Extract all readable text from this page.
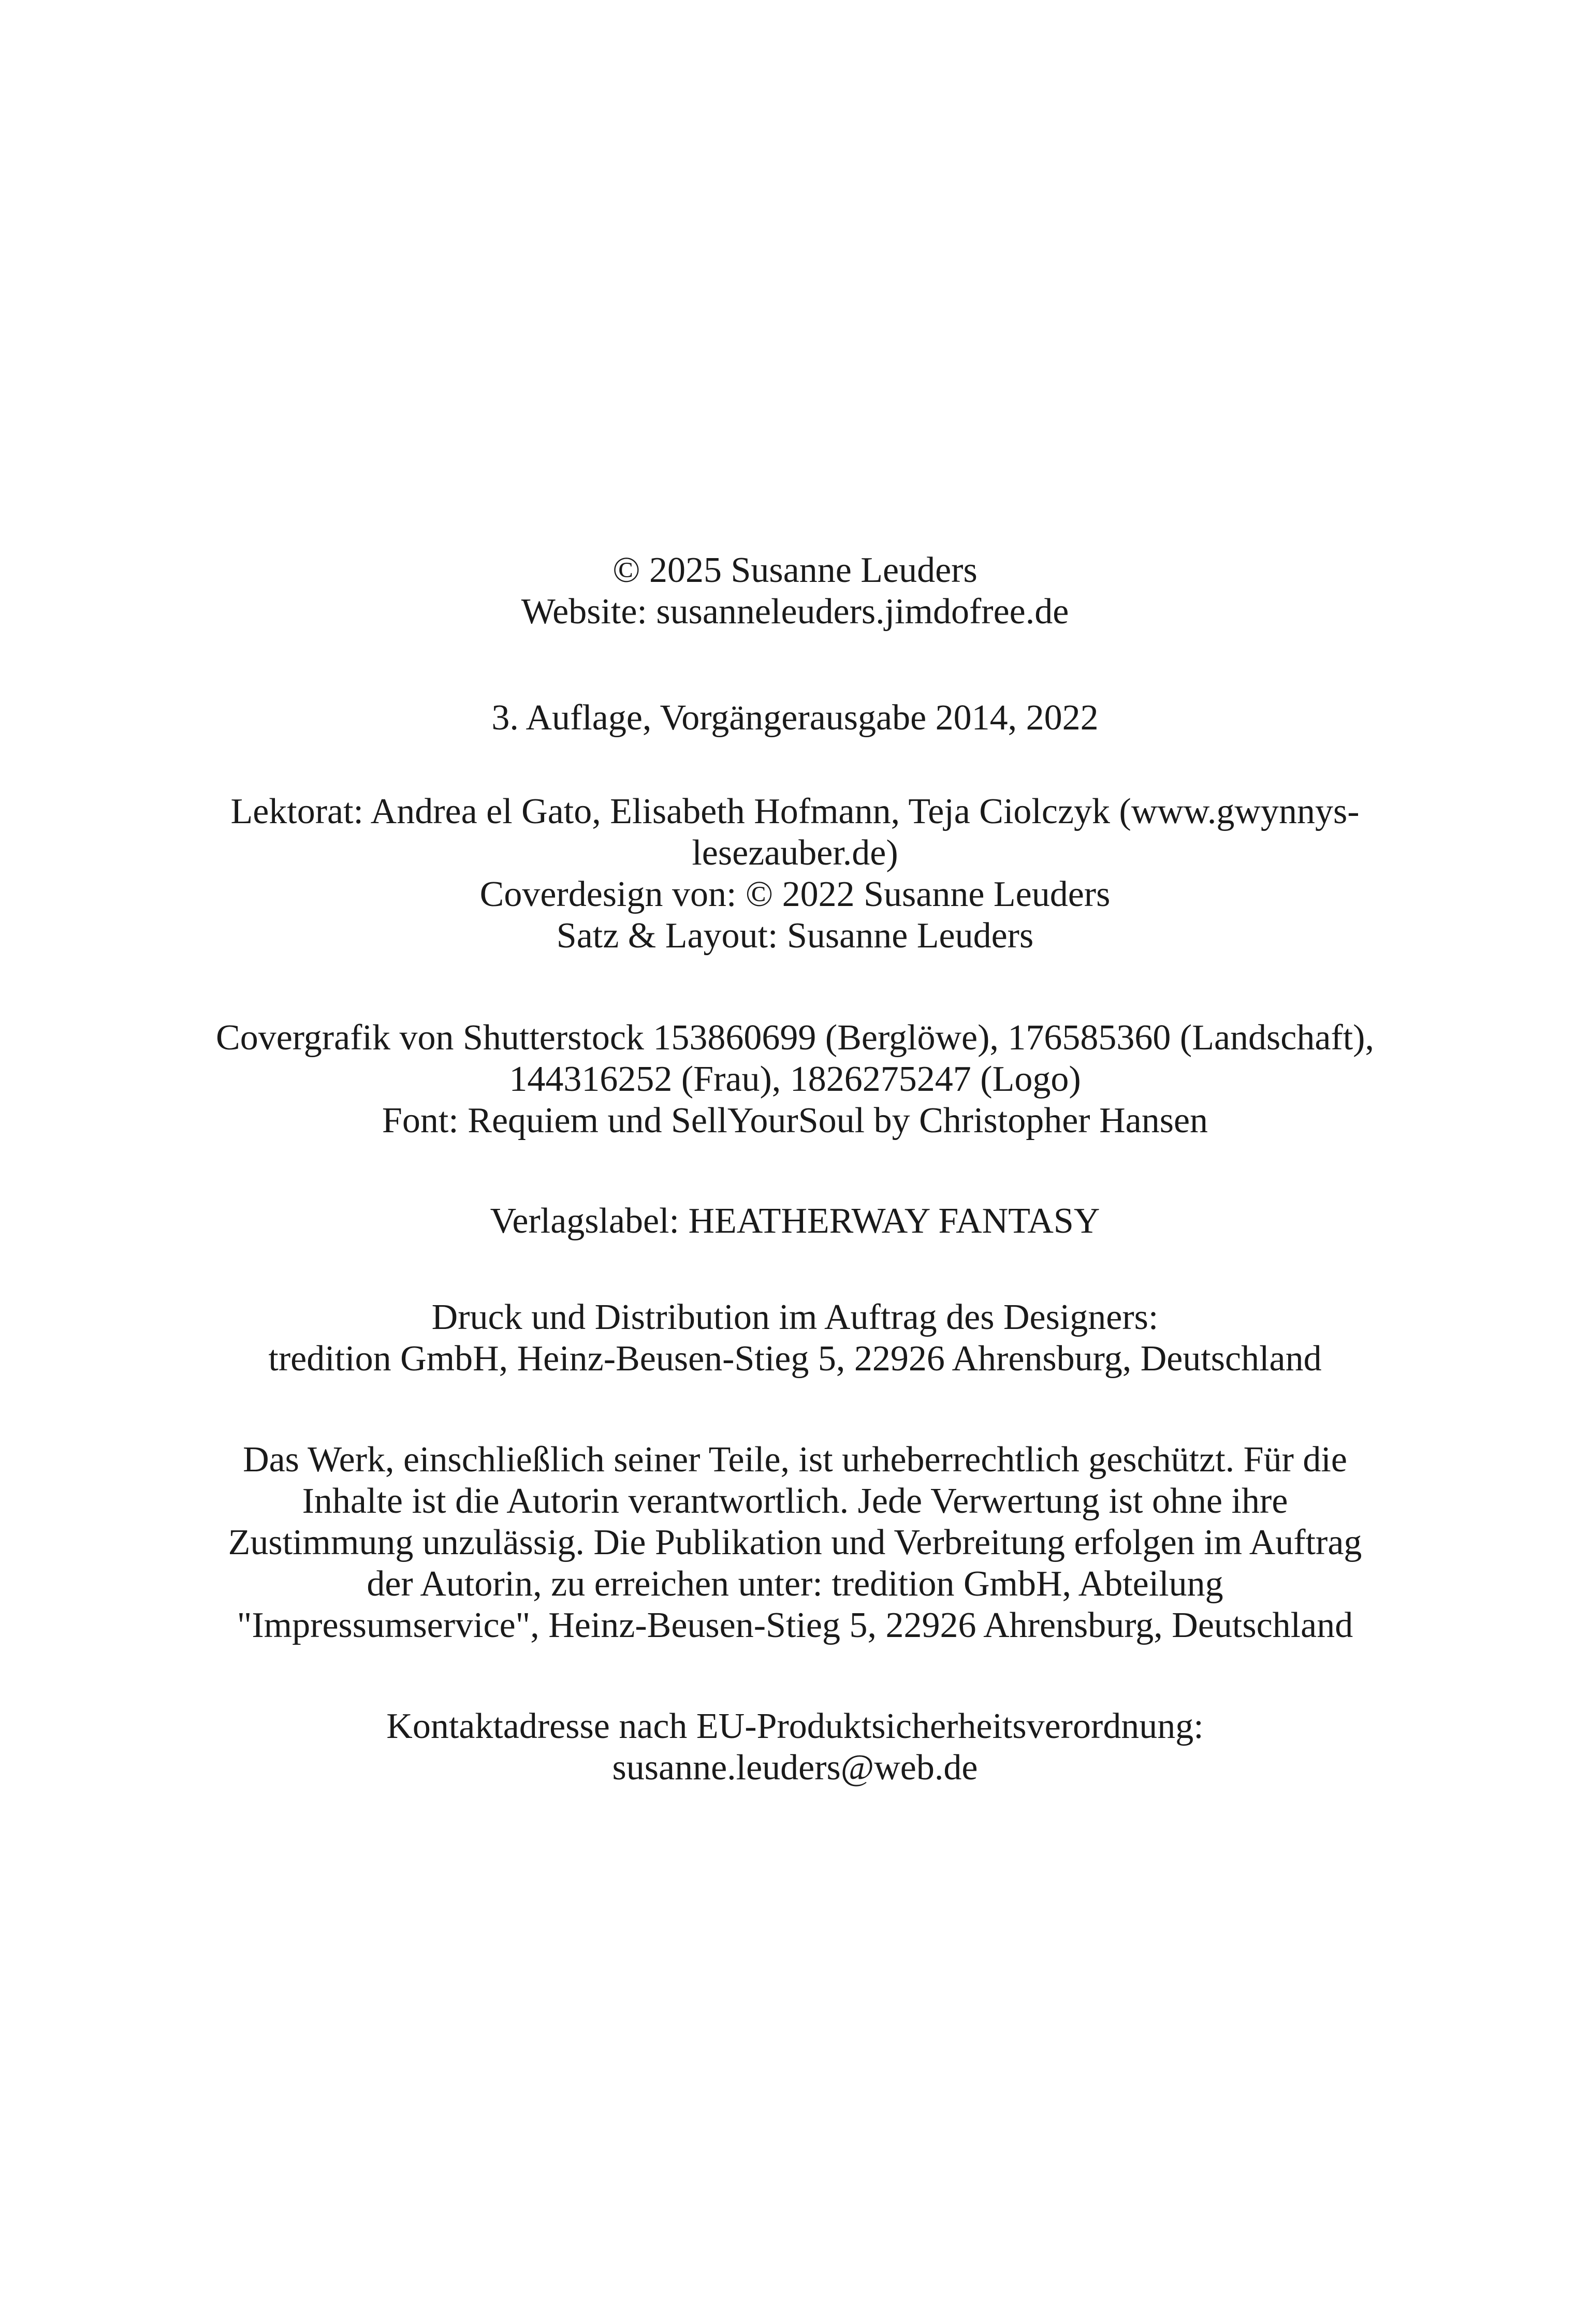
© 2025 Susanne Leuders
Website: susanneleuders.jimdofree.de
3. Auflage, Vorgängerausgabe 2014, 2022
Lektorat: Andrea el Gato, Elisabeth Hofmann, Teja Ciolczyk (www.gwynnys-
lesezauber.de)
Coverdesign von: © 2022 Susanne Leuders
Satz & Layout: Susanne Leuders
Covergrafik von Shutterstock 153860699 (Berglöwe), 176585360 (Landschaft),
144316252 (Frau), 1826275247 (Logo)
Font: Requiem und SellYourSoul by Christopher Hansen
Verlagslabel: HEATHERWAY FANTASY
Druck und Distribution im Auftrag des Designers:
tredition GmbH, Heinz-Beusen-Stieg 5, 22926 Ahrensburg, Deutschland
Das Werk, einschließlich seiner Teile, ist urheberrechtlich geschützt. Für die
Inhalte ist die Autorin verantwortlich. Jede Verwertung ist ohne ihre
Zustimmung unzulässig. Die Publikation und Verbreitung erfolgen im Auftrag
der Autorin, zu erreichen unter: tredition GmbH, Abteilung
"Impressumservice", Heinz-Beusen-Stieg 5, 22926 Ahrensburg, Deutschland
Kontaktadresse nach EU-Produktsicherheitsverordnung:
susanne.leuders@web.de
